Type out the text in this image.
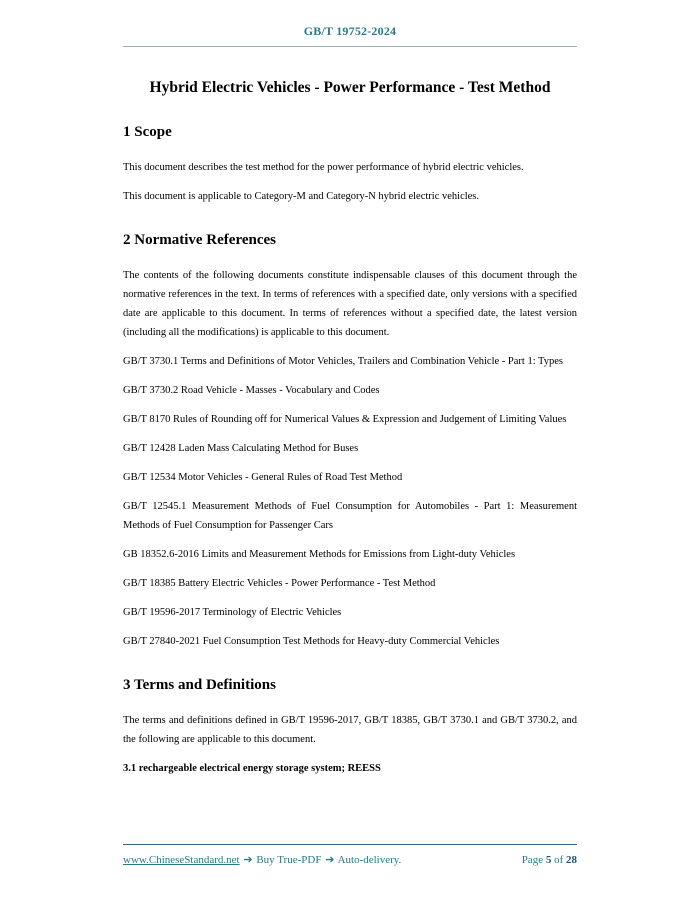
GB/T 19752-2024
Hybrid Electric Vehicles - Power Performance - Test Method
1 Scope

This document describes the test method for the power performance of hybrid electric vehicles.

This document is applicable to Category-M and Category-N hybrid electric vehicles.

2 Normative References

The contents of the following documents constitute indispensable clauses of this document through the normative references in the text. In terms of references with a specified date, only versions with a specified date are applicable to this document. In terms of references without a specified date, the latest version (including all the modifications) is applicable to this document.

GB/T 3730.1 Terms and Definitions of Motor Vehicles, Trailers and Combination Vehicle - Part 1: Types

GB/T 3730.2 Road Vehicle - Masses - Vocabulary and Codes

GB/T 8170 Rules of Rounding off for Numerical Values & Expression and Judgement of Limiting Values

GB/T 12428 Laden Mass Calculating Method for Buses

GB/T 12534 Motor Vehicles - General Rules of Road Test Method

GB/T 12545.1 Measurement Methods of Fuel Consumption for Automobiles - Part 1: Measurement Methods of Fuel Consumption for Passenger Cars

GB 18352.6-2016 Limits and Measurement Methods for Emissions from Light-duty Vehicles

GB/T 18385 Battery Electric Vehicles - Power Performance - Test Method

GB/T 19596-2017 Terminology of Electric Vehicles

GB/T 27840-2021 Fuel Consumption Test Methods for Heavy-duty Commercial Vehicles

3 Terms and Definitions

The terms and definitions defined in GB/T 19596-2017, GB/T 18385, GB/T 3730.1 and GB/T 3730.2, and the following are applicable to this document.

3.1 rechargeable electrical energy storage system; REESS

www.ChineseStandard.net ➔ Buy True-PDF ➔ Auto-delivery.	Page 5 of 28
